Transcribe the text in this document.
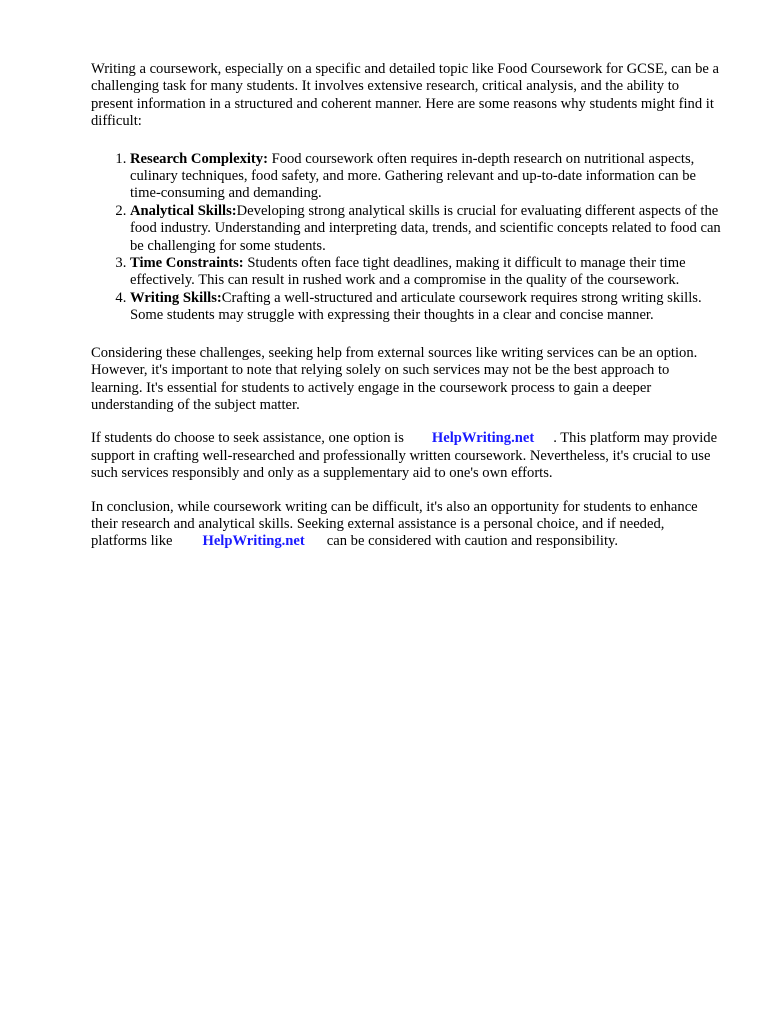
Writing a coursework, especially on a specific and detailed topic like Food Coursework for GCSE, can be a challenging task for many students. It involves extensive research, critical analysis, and the ability to present information in a structured and coherent manner. Here are some reasons why students might find it difficult:

1. Research Complexity: Food coursework often requires in-depth research on nutritional aspects, culinary techniques, food safety, and more. Gathering relevant and up-to-date information can be time-consuming and demanding.
2. Analytical Skills:Developing strong analytical skills is crucial for evaluating different aspects of the food industry. Understanding and interpreting data, trends, and scientific concepts related to food can be challenging for some students.
3. Time Constraints: Students often face tight deadlines, making it difficult to manage their time effectively. This can result in rushed work and a compromise in the quality of the coursework.
4. Writing Skills:Crafting a well-structured and articulate coursework requires strong writing skills. Some students may struggle with expressing their thoughts in a clear and concise manner.

Considering these challenges, seeking help from external sources like writing services can be an option. However, it's important to note that relying solely on such services may not be the best approach to learning. It's essential for students to actively engage in the coursework process to gain a deeper understanding of the subject matter.

If students do choose to seek assistance, one option is HelpWriting.net . This platform may provide support in crafting well-researched and professionally written coursework. Nevertheless, it's crucial to use such services responsibly and only as a supplementary aid to one's own efforts.

In conclusion, while coursework writing can be difficult, it's also an opportunity for students to enhance their research and analytical skills. Seeking external assistance is a personal choice, and if needed, platforms like HelpWriting.net can be considered with caution and responsibility.
